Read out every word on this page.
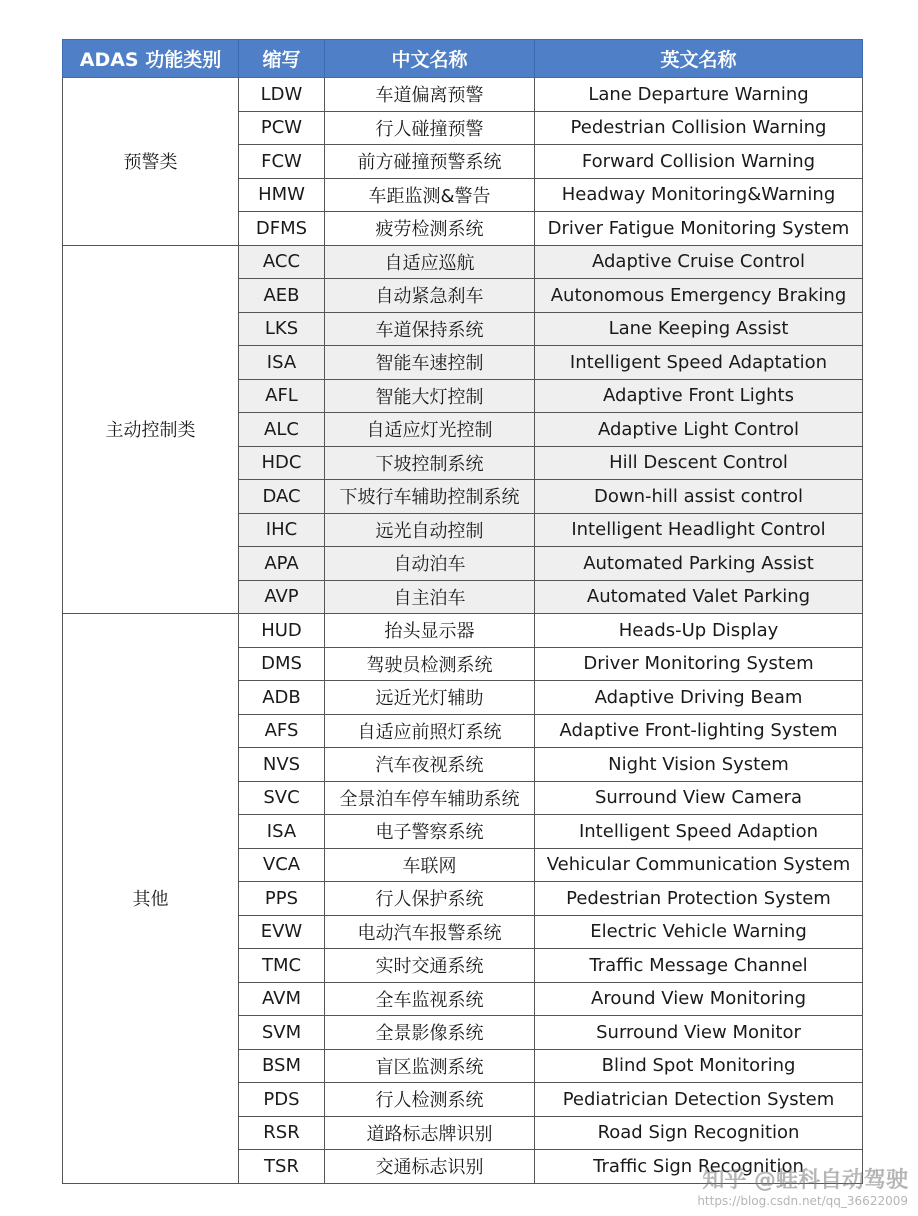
ADAS 功能类别	缩写	中文名称	英文名称
预警类	LDW	车道偏离预警	Lane Departure Warning
	PCW	行人碰撞预警	Pedestrian Collision Warning
	FCW	前方碰撞预警系统	Forward Collision Warning
	HMW	车距监测&警告	Headway Monitoring&Warning
	DFMS	疲劳检测系统	Driver Fatigue Monitoring System
主动控制类	ACC	自适应巡航	Adaptive Cruise Control
	AEB	自动紧急刹车	Autonomous Emergency Braking
	LKS	车道保持系统	Lane Keeping Assist
	ISA	智能车速控制	Intelligent Speed Adaptation
	AFL	智能大灯控制	Adaptive Front Lights
	ALC	自适应灯光控制	Adaptive Light Control
	HDC	下坡控制系统	Hill Descent Control
	DAC	下坡行车辅助控制系统	Down-hill assist control
	IHC	远光自动控制	Intelligent Headlight Control
	APA	自动泊车	Automated Parking Assist
	AVP	自主泊车	Automated Valet Parking
其他	HUD	抬头显示器	Heads-Up Display
	DMS	驾驶员检测系统	Driver Monitoring System
	ADB	远近光灯辅助	Adaptive Driving Beam
	AFS	自适应前照灯系统	Adaptive Front-lighting System
	NVS	汽车夜视系统	Night Vision System
	SVC	全景泊车停车辅助系统	Surround View Camera
	ISA	电子警察系统	Intelligent Speed Adaption
	VCA	车联网	Vehicular Communication System
	PPS	行人保护系统	Pedestrian Protection System
	EVW	电动汽车报警系统	Electric Vehicle Warning
	TMC	实时交通系统	Traffic Message Channel
	AVM	全车监视系统	Around View Monitoring
	SVM	全景影像系统	Surround View Monitor
	BSM	盲区监测系统	Blind Spot Monitoring
	PDS	行人检测系统	Pediatrician Detection System
	RSR	道路标志牌识别	Road Sign Recognition
	TSR	交通标志识别	Traffic Sign Recognition
知乎 @蛙科自动驾驶
https://blog.csdn.net/qq_36622009
